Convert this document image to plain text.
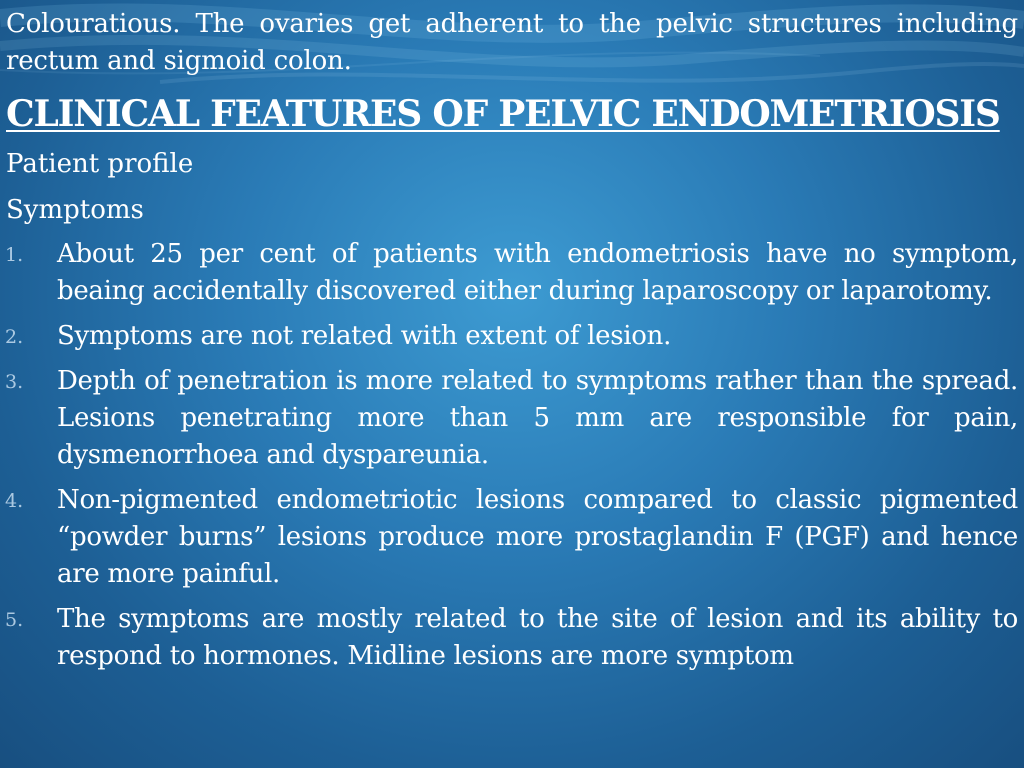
Colouratious. The ovaries get adherent to the pelvic structures including rectum and sigmoid colon.

CLINICAL FEATURES OF PELVIC ENDOMETRIOSIS
Patient profile
Symptoms
1. About 25 per cent of patients with endometriosis have no symptom, beaing accidentally discovered either during laparoscopy or laparotomy.
2. Symptoms are not related with extent of lesion.
3. Depth of penetration is more related to symptoms rather than the spread. Lesions penetrating more than 5 mm are responsible for pain, dysmenorrhoea and dyspareunia.
4. Non-pigmented endometriotic lesions compared to classic pigmented “powder burns” lesions produce more prostaglandin F (PGF) and hence are more painful.
5. The symptoms are mostly related to the site of lesion and its ability to respond to hormones. Midline lesions are more symptom
